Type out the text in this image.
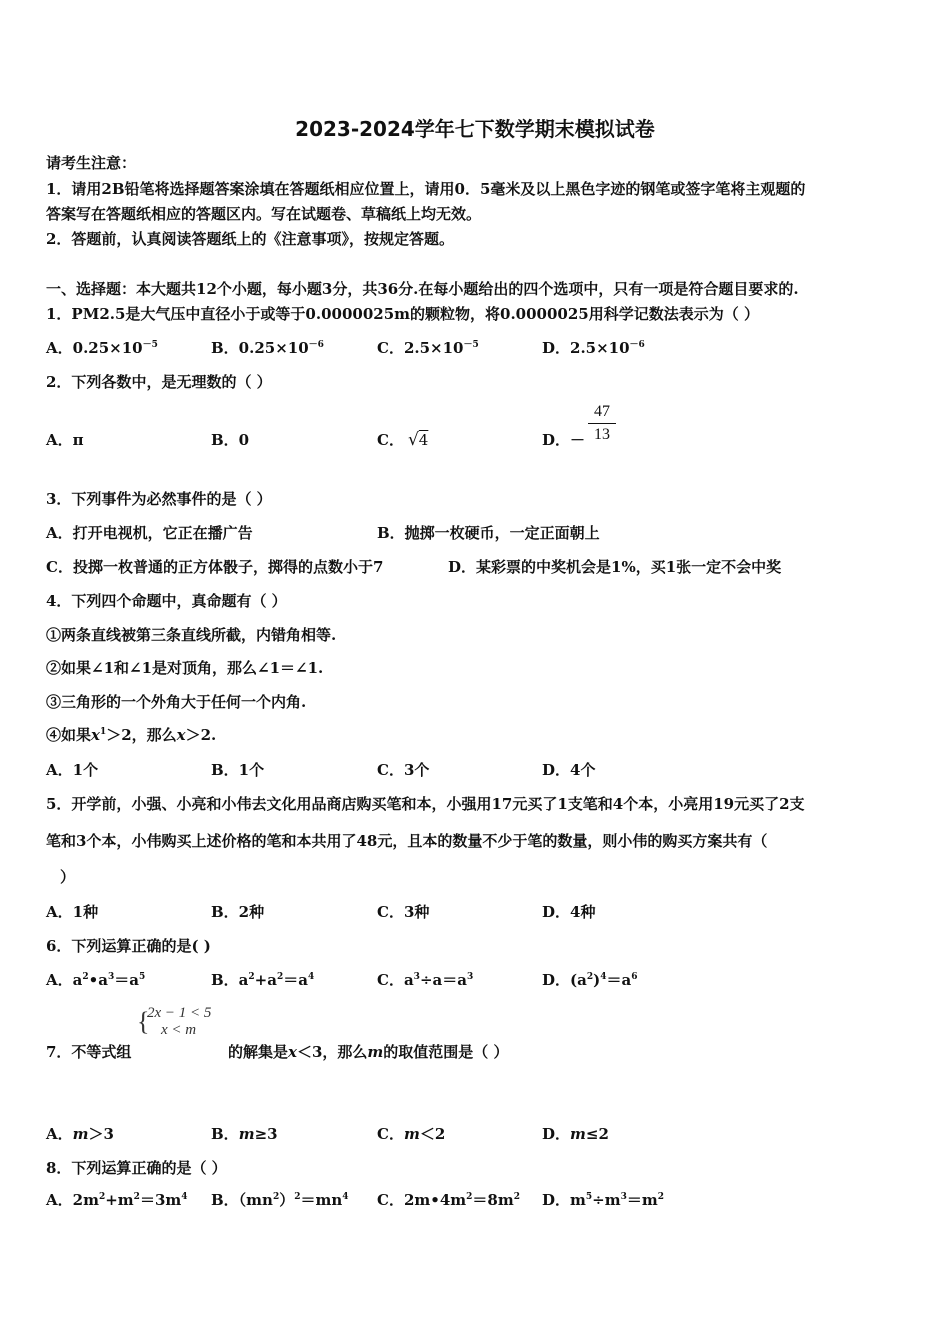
2023-2024学年七下数学期末模拟试卷
请考生注意：
1．请用2B铅笔将选择题答案涂填在答题纸相应位置上，请用0．5毫米及以上黑色字迹的钢笔或签字笔将主观题的
答案写在答题纸相应的答题区内。写在试题卷、草稿纸上均无效。
2．答题前，认真阅读答题纸上的《注意事项》，按规定答题。
一、选择题：本大题共12个小题，每小题3分，共36分.在每小题给出的四个选项中，只有一项是符合题目要求的.
1．PM2.5是大气压中直径小于或等于0.0000025m的颗粒物，将0.0000025用科学记数法表示为（ ）
A．$0.25\times 10^{-5}$	B．$0.25\times 10^{-6}$	C．$2.5\times 10^{-5}$	D．$2.5\times 10^{-6}$
2．下列各数中，是无理数的（ ）
A．π	B．0	C． √4	D．－ $\frac{47}{13}$
3．下列事件为必然事件的是（ ）
A．打开电视机，它正在播广告	B．抛掷一枚硬币，一定正面朝上
C．投掷一枚普通的正方体骰子，掷得的点数小于7	D．某彩票的中奖机会是1%，买1张一定不会中奖
4．下列四个命题中，真命题有（ ）
①两条直线被第三条直线所截，内错角相等.
②如果∠1和∠1是对顶角，那么∠1＝∠1.
③三角形的一个外角大于任何一个内角.
④如果$x^1>2$，那么x＞2.
A．1个	B．1个	C．3个	D．4个
5．开学前，小强、小亮和小伟去文化用品商店购买笔和本，小强用17元买了1支笔和4个本，小亮用19元买了2支
笔和3个本，小伟购买上述价格的笔和本共用了48元，且本的数量不少于笔的数量，则小伟的购买方案共有（
）
A．1种	B．2种	C．3种	D．4种
6．下列运算正确的是( )
A．$a^2•a^3=a^5$	B．$a^2+a^2=a^4$	C．$a^3\div a=a^3$	D．$(a^2)^4=a^6$
{
2x − 1 < 5
x < m
7．不等式组	的解集是x＜3，那么m的取值范围是（ ）
A．m＞3	B．m≥3	C．m＜2	D．m≤2
8．下列运算正确的是（ ）
A．$2m^2+m^2=3m^4$ B．$(mn^2)^2=mn^4$ C．$2m•4m^2=8m^2$ D．$m^5\div m^3=m^2$
